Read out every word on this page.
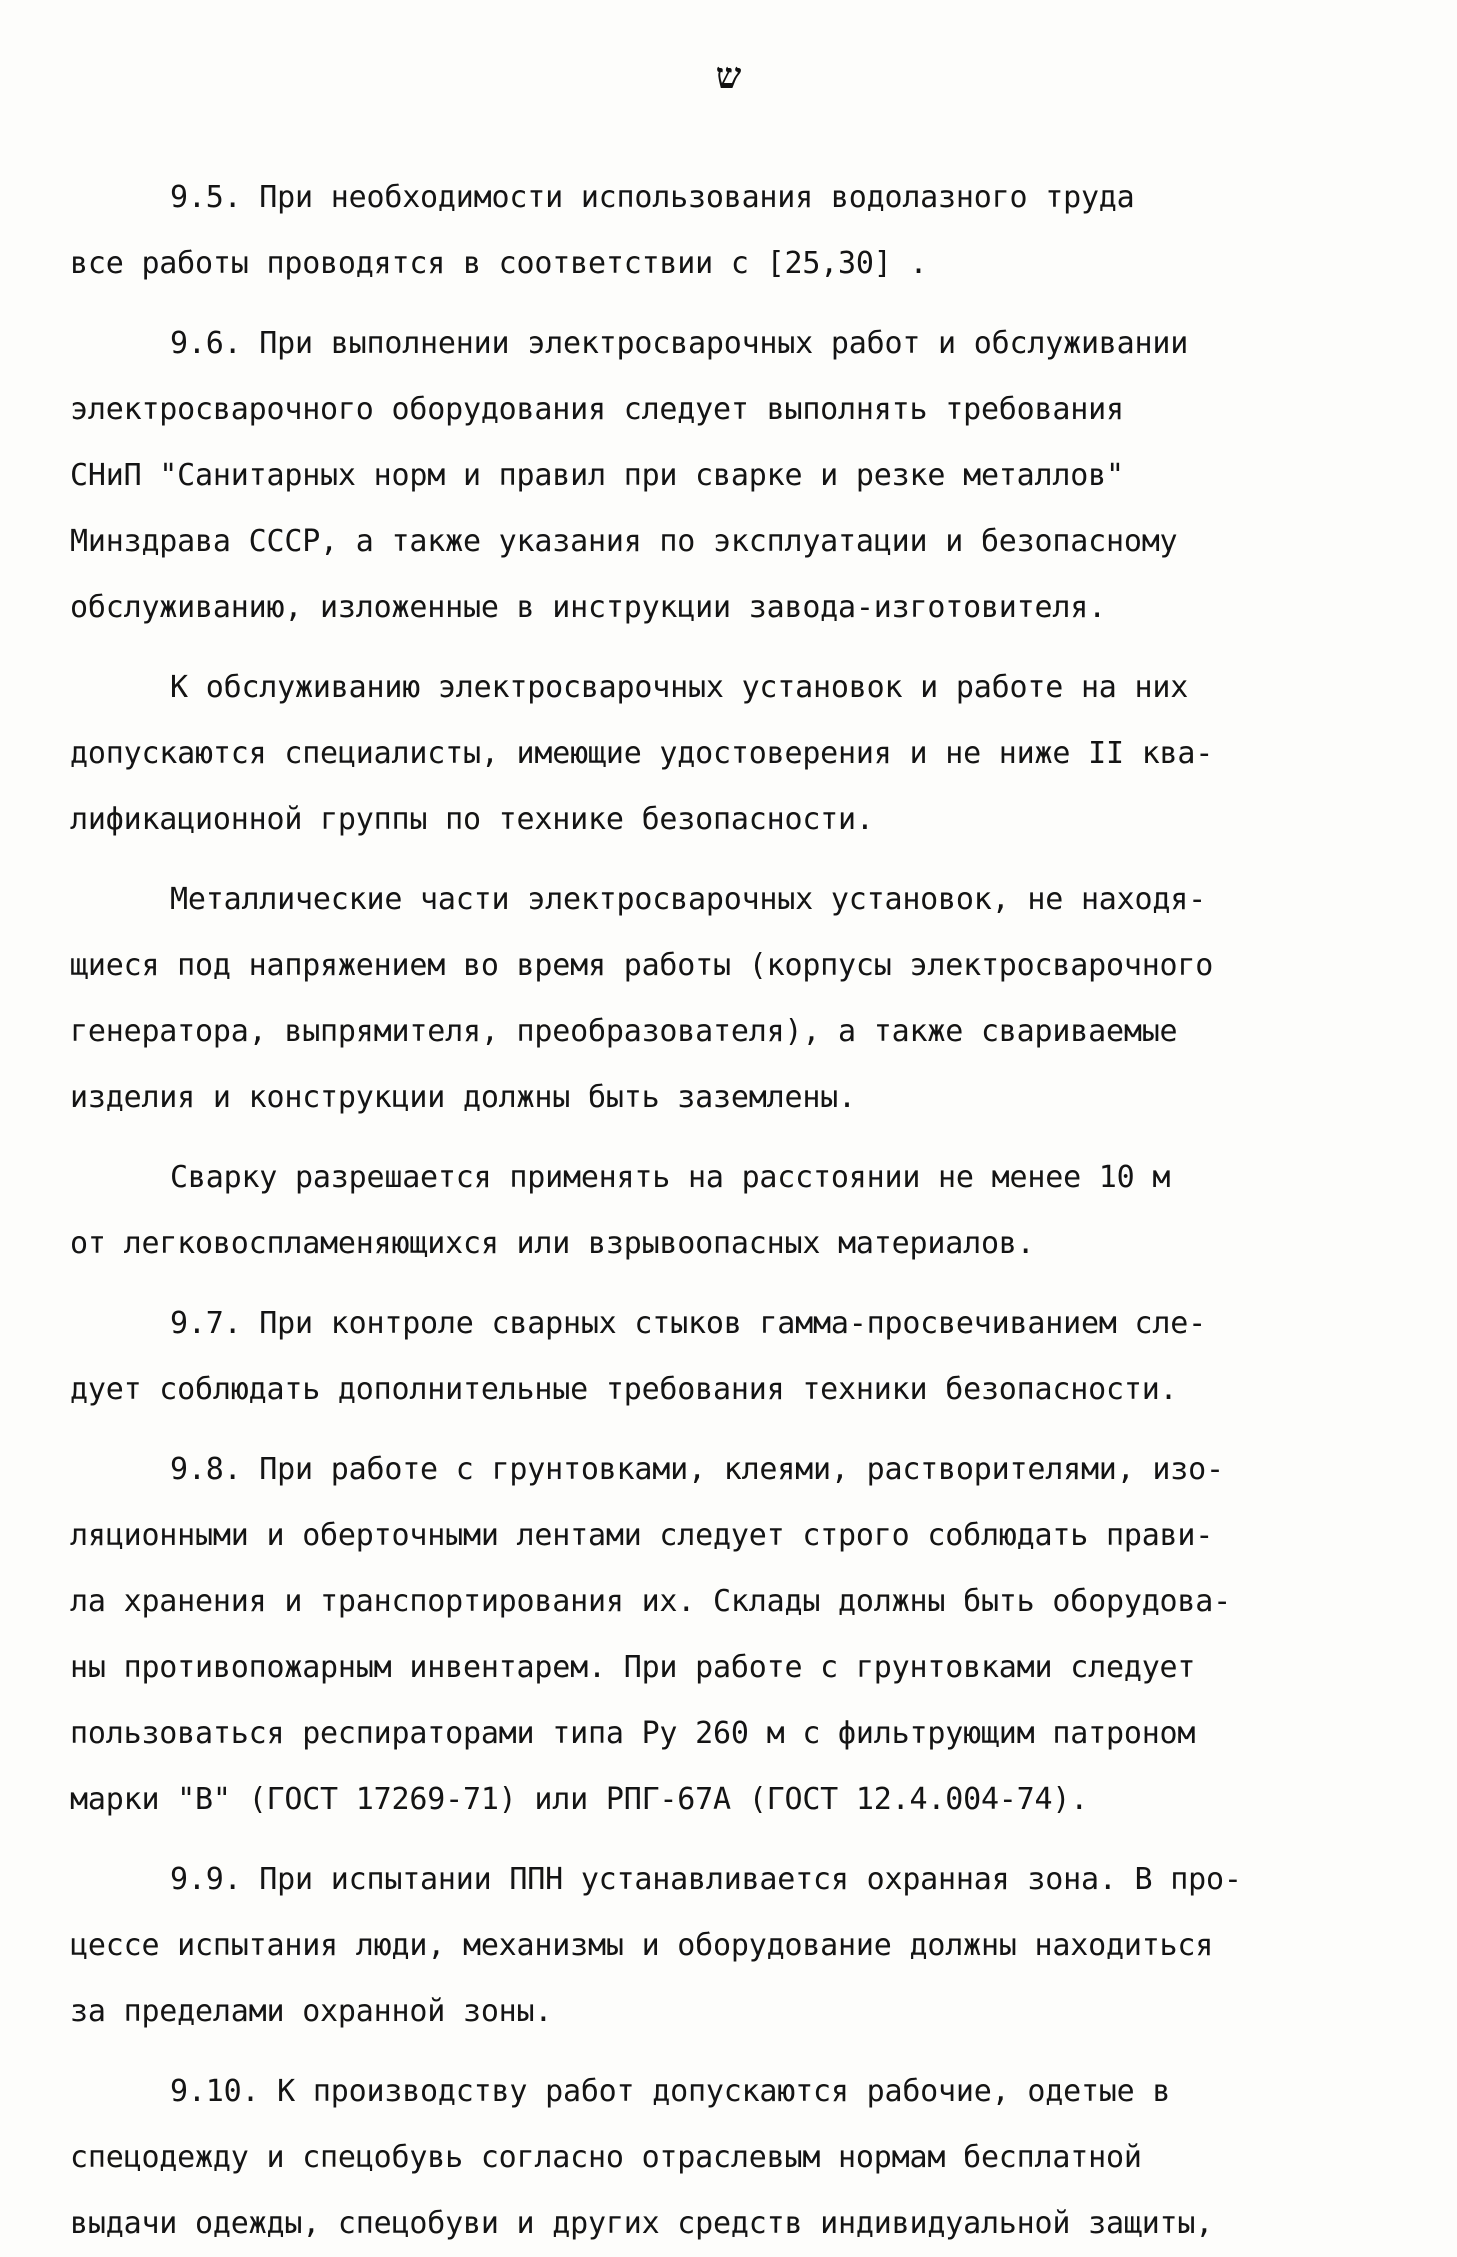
ש
9.5. При необходимости использования водолазного труда
все работы проводятся в соответствии с [25,30] .
9.6. При выполнении электросварочных работ и обслуживании
электросварочного оборудования следует выполнять требования
СНиП "Санитарных норм и правил при сварке и резке металлов"
Минздрава СССР, а также указания по эксплуатации и безопасному
обслуживанию, изложенные в инструкции завода-изготовителя.
К обслуживанию электросварочных установок и работе на них
допускаются специалисты, имеющие удостоверения и не ниже II ква-
лификационной группы по технике безопасности.
Металлические части электросварочных установок, не находя-
щиеся под напряжением во время работы (корпусы электросварочного
генератора, выпрямителя, преобразователя), а также свариваемые
изделия и конструкции должны быть заземлены.
Сварку разрешается применять на расстоянии не менее 10 м
от легковоспламеняющихся или взрывоопасных материалов.
9.7. При контроле сварных стыков гамма-просвечиванием сле-
дует соблюдать дополнительные требования техники безопасности.
9.8. При работе с грунтовками, клеями, растворителями, изо-
ляционными и оберточными лентами следует строго соблюдать прави-
ла хранения и транспортирования их. Склады должны быть оборудова-
ны противопожарным инвентарем. При работе с грунтовками следует
пользоваться респираторами типа Ру 260 м с фильтрующим патроном
марки "В" (ГОСТ 17269-71) или РПГ-67А (ГОСТ 12.4.004-74).
9.9. При испытании ППН устанавливается охранная зона. В про-
цессе испытания люди, механизмы и оборудование должны находиться
за пределами охранной зоны.
9.10. К производству работ допускаются рабочие, одетые в
спецодежду и спецобувь согласно отраслевым нормам бесплатной
выдачи одежды, спецобуви и других средств индивидуальной защиты,
